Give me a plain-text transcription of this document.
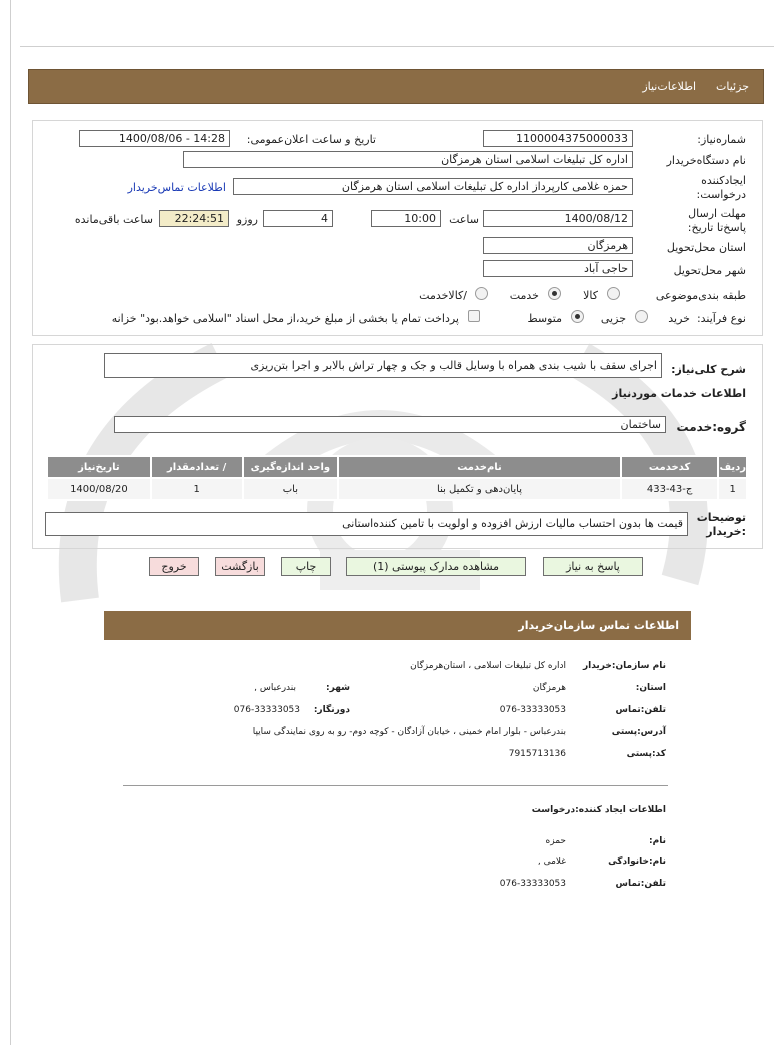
جزئیات
اطلاعات‌نیاز
شماره‌نیاز:
1100004375000033
تاریخ و ساعت اعلان‌عمومی:
1400/08/06 - 14:28
نام دستگاه‌خریدار
اداره کل تبلیغات اسلامی استان هرمزگان
ایجادکننده درخواست:
حمزه غلامی کارپرداز اداره کل تبلیغات اسلامی استان هرمزگان
اطلاعات تماس‌خریدار
مهلت ارسال پاسخ‌تا تاریخ:
1400/08/12
ساعت
10:00
4
روزو
22:24:51
ساعت باقی‌مانده
استان محل‌تحویل
هرمزگان
شهر محل‌تحویل
حاجی آباد
طبقه بندی‌موضوعی
کالا
خدمت
/کالاخدمت
نوع فرآیند:
خرید
جزیی
متوسط
پرداخت تمام یا بخشی از مبلغ خرید،از محل اسناد "اسلامی خواهد.بود" خزانه
شرح کلی‌نیاز:
اجرای سقف با شیب بندی همراه با وسایل قالب و جک و چهار تراش بالابر و اجرا بتن‌ریزی
اطلاعات خدمات موردنیاز
گروه:خدمت
ساختمان
ردیف	کدخدمت	نام‌خدمت	واحد اندازه‌گیری	/ تعدادمقدار	تاریخ‌نیاز
1	ج-43-433	پایان‌دهی و تکمیل بنا	باب	1	1400/08/20
توضیحات :خریدار
قیمت ها بدون احتساب مالیات ارزش افزوده و اولویت با تامین کننده‌استانی
پاسخ به نیاز
مشاهده مدارک پیوستی (1)
چاپ
بازگشت
خروج
اطلاعات تماس سازمان‌خریدار
نام سازمان:خریدار
اداره کل تبلیغات اسلامی ، استان‌هرمزگان
استان:
هرمزگان
شهر:
بندرعباس ,
تلفن:تماس
076-33333053
دورنگار:
076-33333053
آدرس:پستی
بندرعباس - بلوار امام خمینی ، خیابان آزادگان - کوچه دوم- رو به روی نمایندگی سایپا
کد:پستی
7915713136
اطلاعات ایجاد کننده:درخواست
نام:
حمزه
نام:خانوادگی
غلامی ,
تلفن:تماس
076-33333053
